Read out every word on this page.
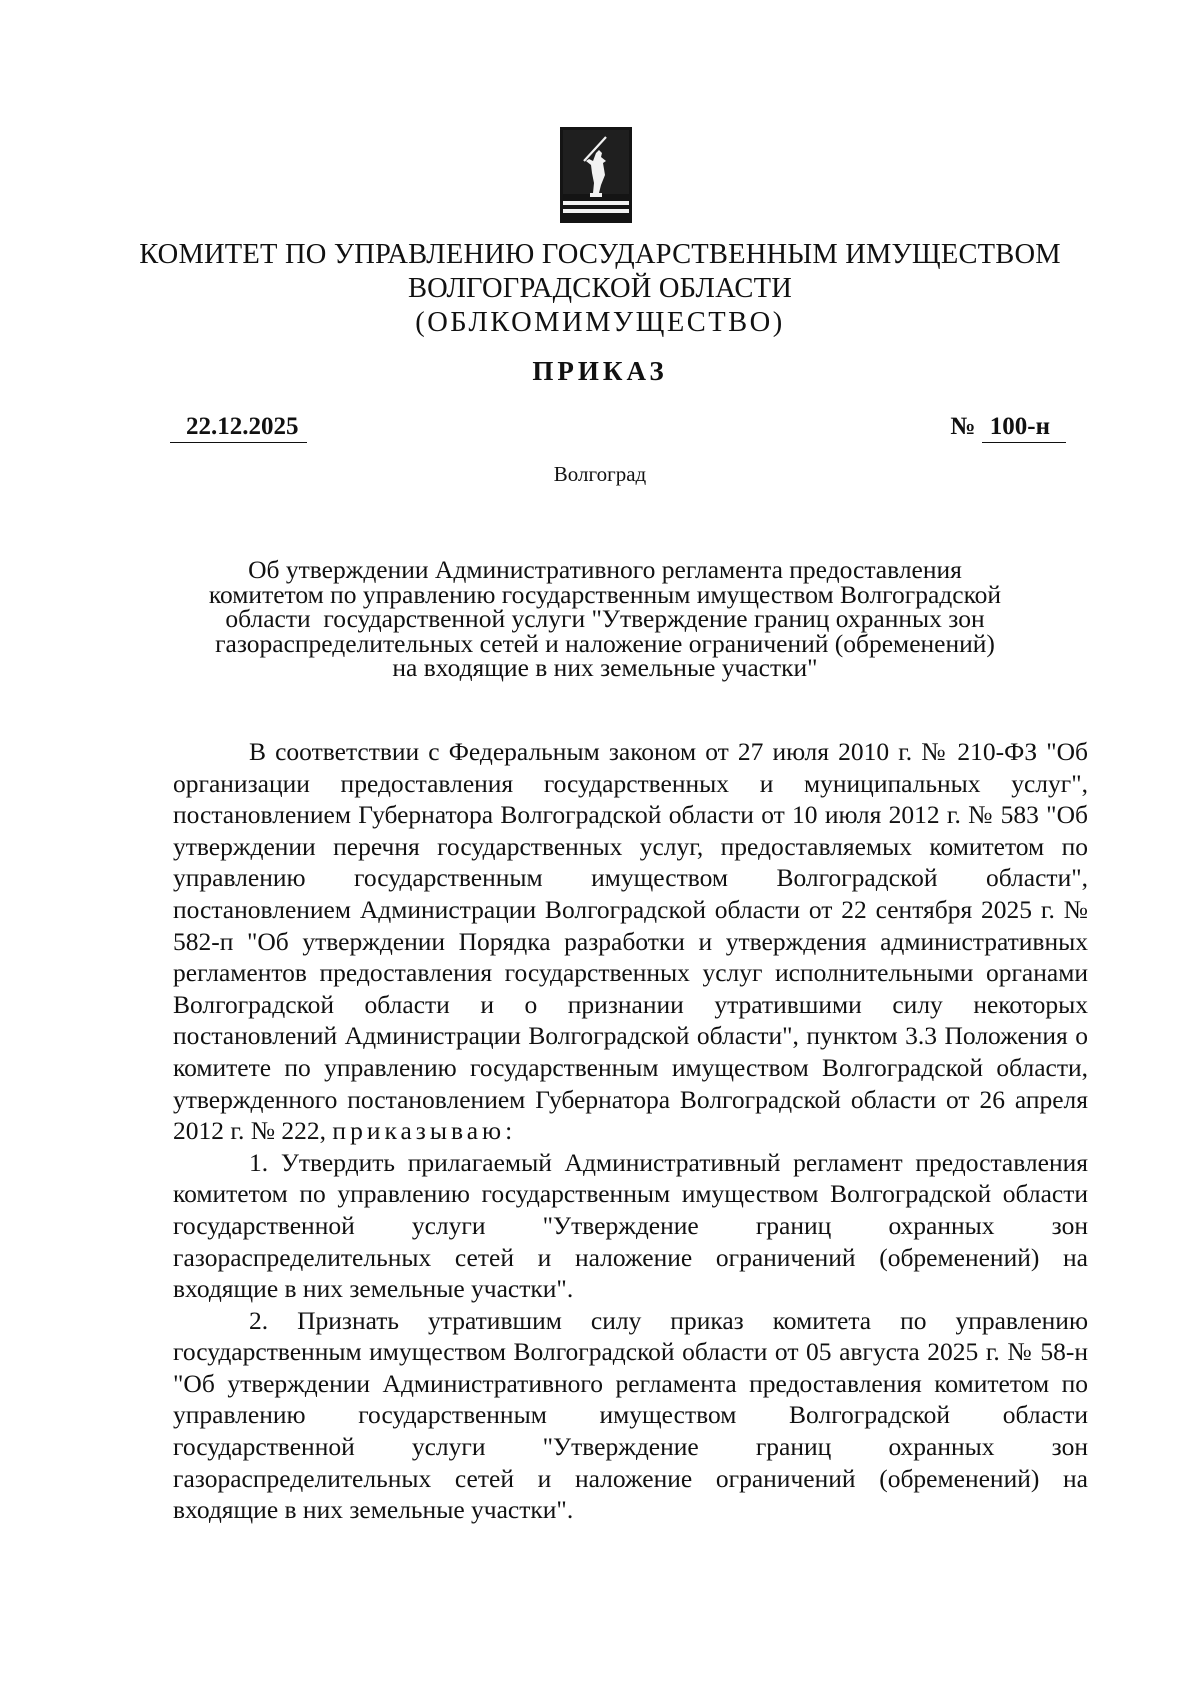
КОМИТЕТ ПО УПРАВЛЕНИЮ ГОСУДАРСТВЕННЫМ ИМУЩЕСТВОМ
ВОЛГОГРАДСКОЙ ОБЛАСТИ
(ОБЛКОМИМУЩЕСТВО)
ПРИКАЗ
22.12.2025	№ 100-н
Волгоград
Об утверждении Административного регламента предоставления
комитетом по управлению государственным имуществом Волгоградской
области  государственной услуги "Утверждение границ охранных зон
газораспределительных сетей и наложение ограничений (обременений)
на входящие в них земельные участки"

В соответствии с Федеральным законом от 27 июля 2010 г. № 210-ФЗ "Об организации предоставления государственных и муниципальных услуг", постановлением Губернатора Волгоградской области от 10 июля 2012 г. № 583 "Об утверждении перечня государственных услуг, предоставляемых комитетом по управлению государственным имуществом Волгоградской области", постановлением Администрации Волгоградской области от 22 сентября 2025 г. № 582-п "Об утверждении Порядка разработки и утверждения административных регламентов предоставления государственных услуг исполнительными органами Волгоградской области и о признании утратившими силу некоторых постановлений Администрации Волгоградской области", пунктом 3.3 Положения о комитете по управлению государственным имуществом Волгоградской области, утвержденного постановлением Губернатора Волгоградской области от 26 апреля 2012 г. № 222, приказываю:

1. Утвердить прилагаемый Административный регламент предоставления комитетом по управлению государственным имуществом Волгоградской области государственной услуги "Утверждение границ охранных зон газораспределительных сетей и наложение ограничений (обременений) на входящие в них земельные участки".

2. Признать утратившим силу приказ комитета по управлению государственным имуществом Волгоградской области от 05 августа 2025 г. № 58-н "Об утверждении Административного регламента предоставления комитетом по управлению государственным имуществом Волгоградской области государственной услуги "Утверждение границ охранных зон газораспределительных сетей и наложение ограничений (обременений) на входящие в них земельные участки".
